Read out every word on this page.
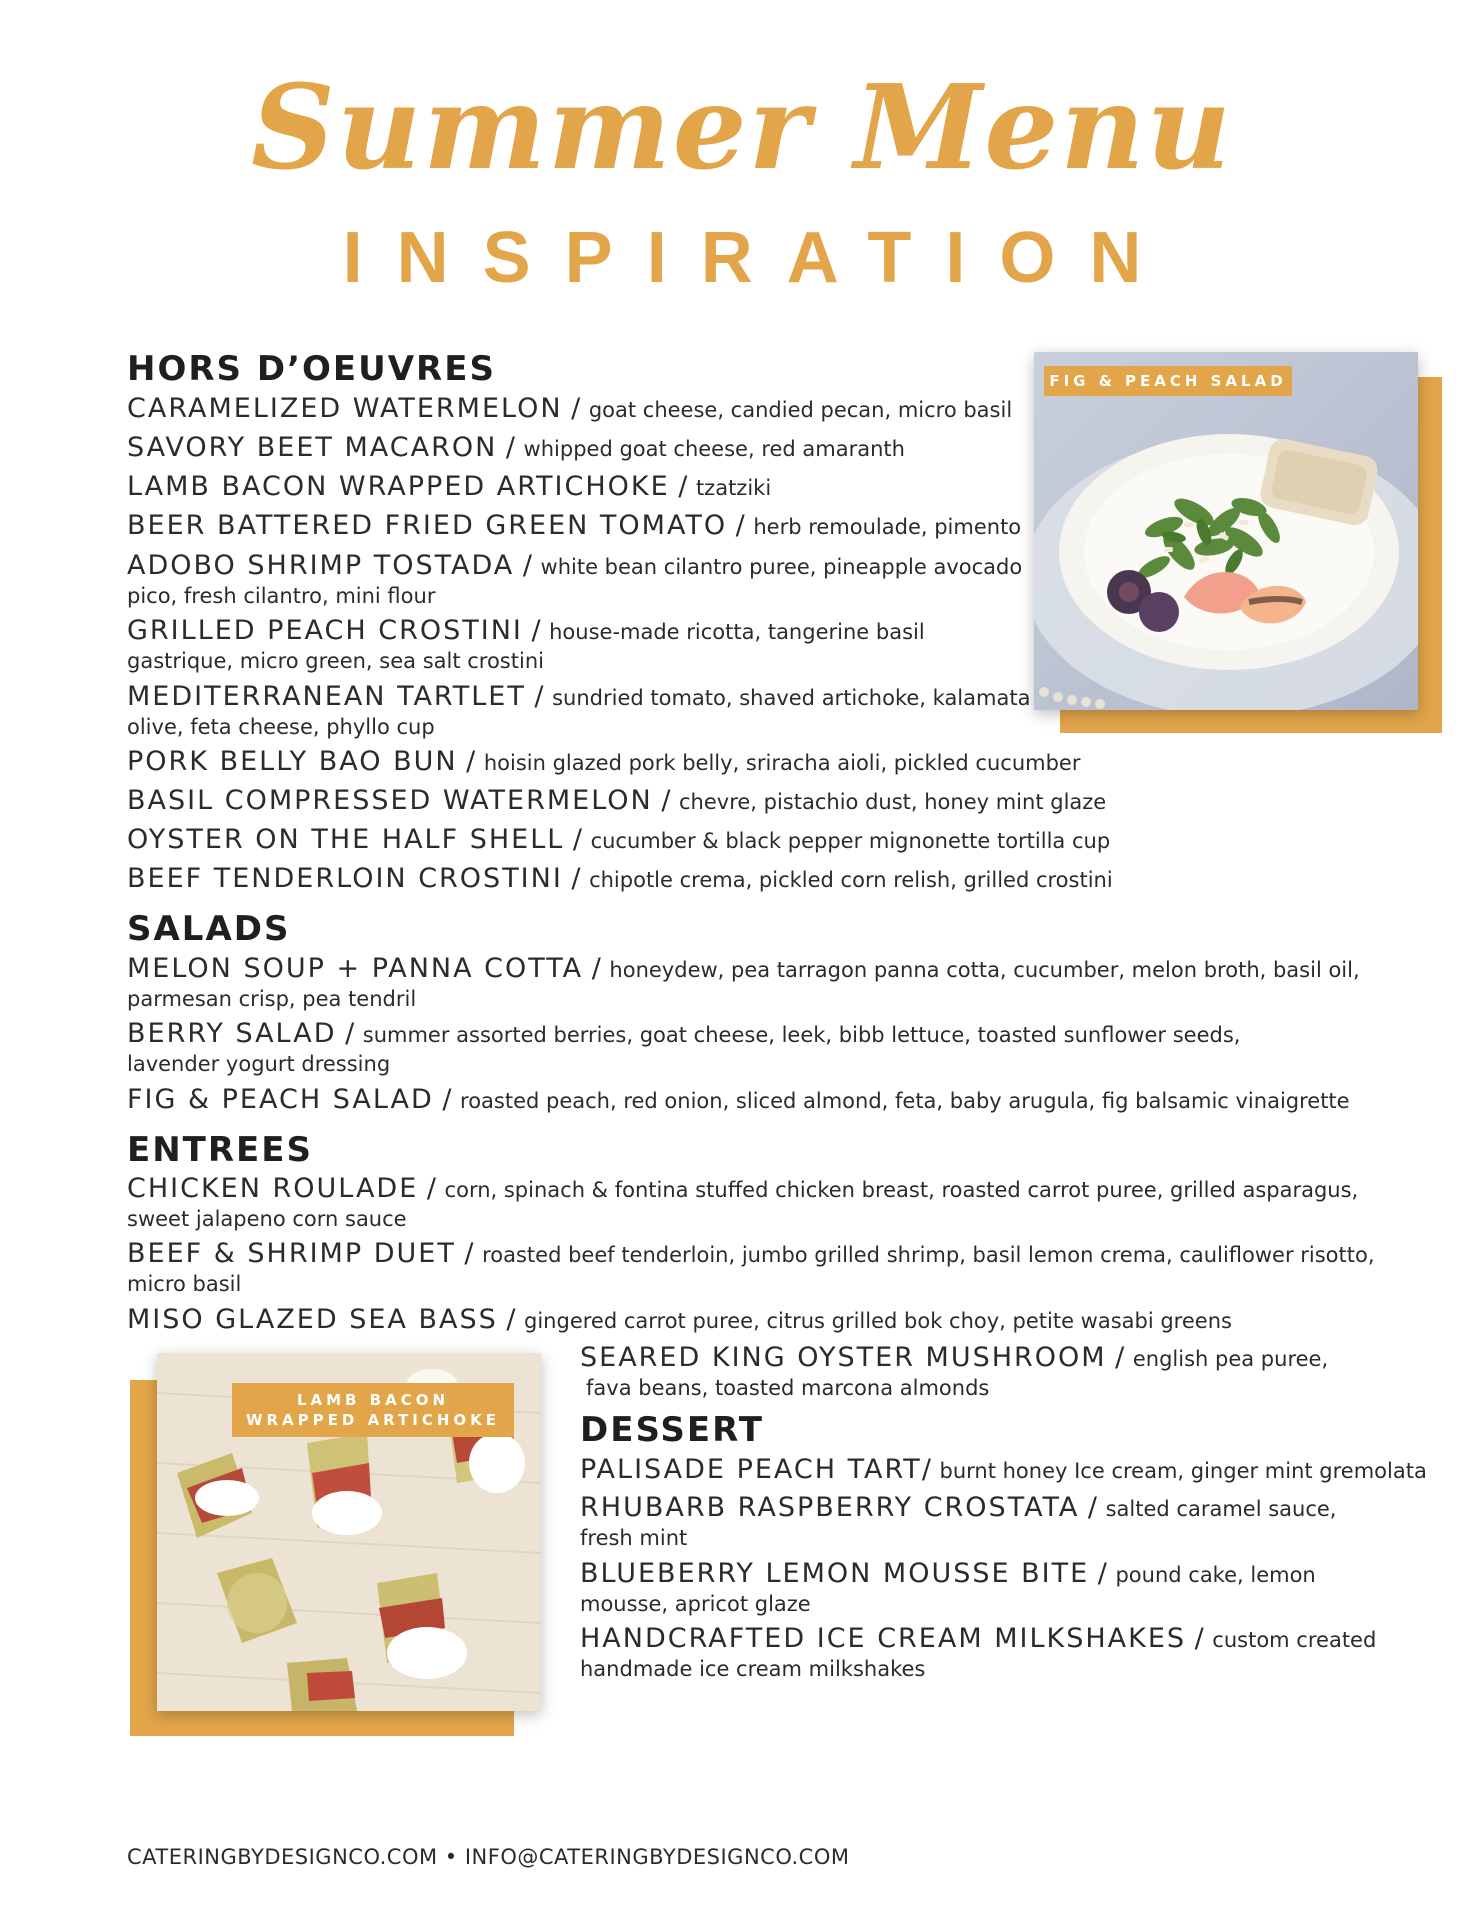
Summer Menu
INSPIRATION
HORS D’OEUVRES
CARAMELIZED WATERMELON / goat cheese, candied pecan, micro basil
SAVORY BEET MACARON / whipped goat cheese, red amaranth
LAMB BACON WRAPPED ARTICHOKE / tzatziki
BEER BATTERED FRIED GREEN TOMATO / herb remoulade, pimento
ADOBO SHRIMP TOSTADA / white bean cilantro puree, pineapple avocado
pico, fresh cilantro, mini flour
GRILLED PEACH CROSTINI / house-made ricotta, tangerine basil
gastrique, micro green, sea salt crostini
MEDITERRANEAN TARTLET / sundried tomato, shaved artichoke, kalamata
olive, feta cheese, phyllo cup
PORK BELLY BAO BUN / hoisin glazed pork belly, sriracha aioli, pickled cucumber
BASIL COMPRESSED WATERMELON / chevre, pistachio dust, honey mint glaze
OYSTER ON THE HALF SHELL / cucumber & black pepper mignonette tortilla cup
BEEF TENDERLOIN CROSTINI / chipotle crema, pickled corn relish, grilled crostini
SALADS
MELON SOUP + PANNA COTTA / honeydew, pea tarragon panna cotta, cucumber, melon broth, basil oil,
parmesan crisp, pea tendril
BERRY SALAD / summer assorted berries, goat cheese, leek, bibb lettuce, toasted sunflower seeds,
lavender yogurt dressing
FIG & PEACH SALAD / roasted peach, red onion, sliced almond, feta, baby arugula, fig balsamic vinaigrette
ENTREES
CHICKEN ROULADE / corn, spinach & fontina stuffed chicken breast, roasted carrot puree, grilled asparagus,
sweet jalapeno corn sauce
BEEF & SHRIMP DUET / roasted beef tenderloin, jumbo grilled shrimp, basil lemon crema, cauliflower risotto,
micro basil
MISO GLAZED SEA BASS / gingered carrot puree, citrus grilled bok choy, petite wasabi greens
SEARED KING OYSTER MUSHROOM / english pea puree,
fava beans, toasted marcona almonds
DESSERT
PALISADE PEACH TART/ burnt honey Ice cream, ginger mint gremolata
RHUBARB RASPBERRY CROSTATA / salted caramel sauce,
fresh mint
BLUEBERRY LEMON MOUSSE BITE / pound cake, lemon
mousse, apricot glaze
HANDCRAFTED ICE CREAM MILKSHAKES / custom created
handmade ice cream milkshakes
FIG & PEACH SALAD
LAMB BACON
WRAPPED ARTICHOKE
CATERINGBYDESIGNCO.COM • INFO@CATERINGBYDESIGNCO.COM
